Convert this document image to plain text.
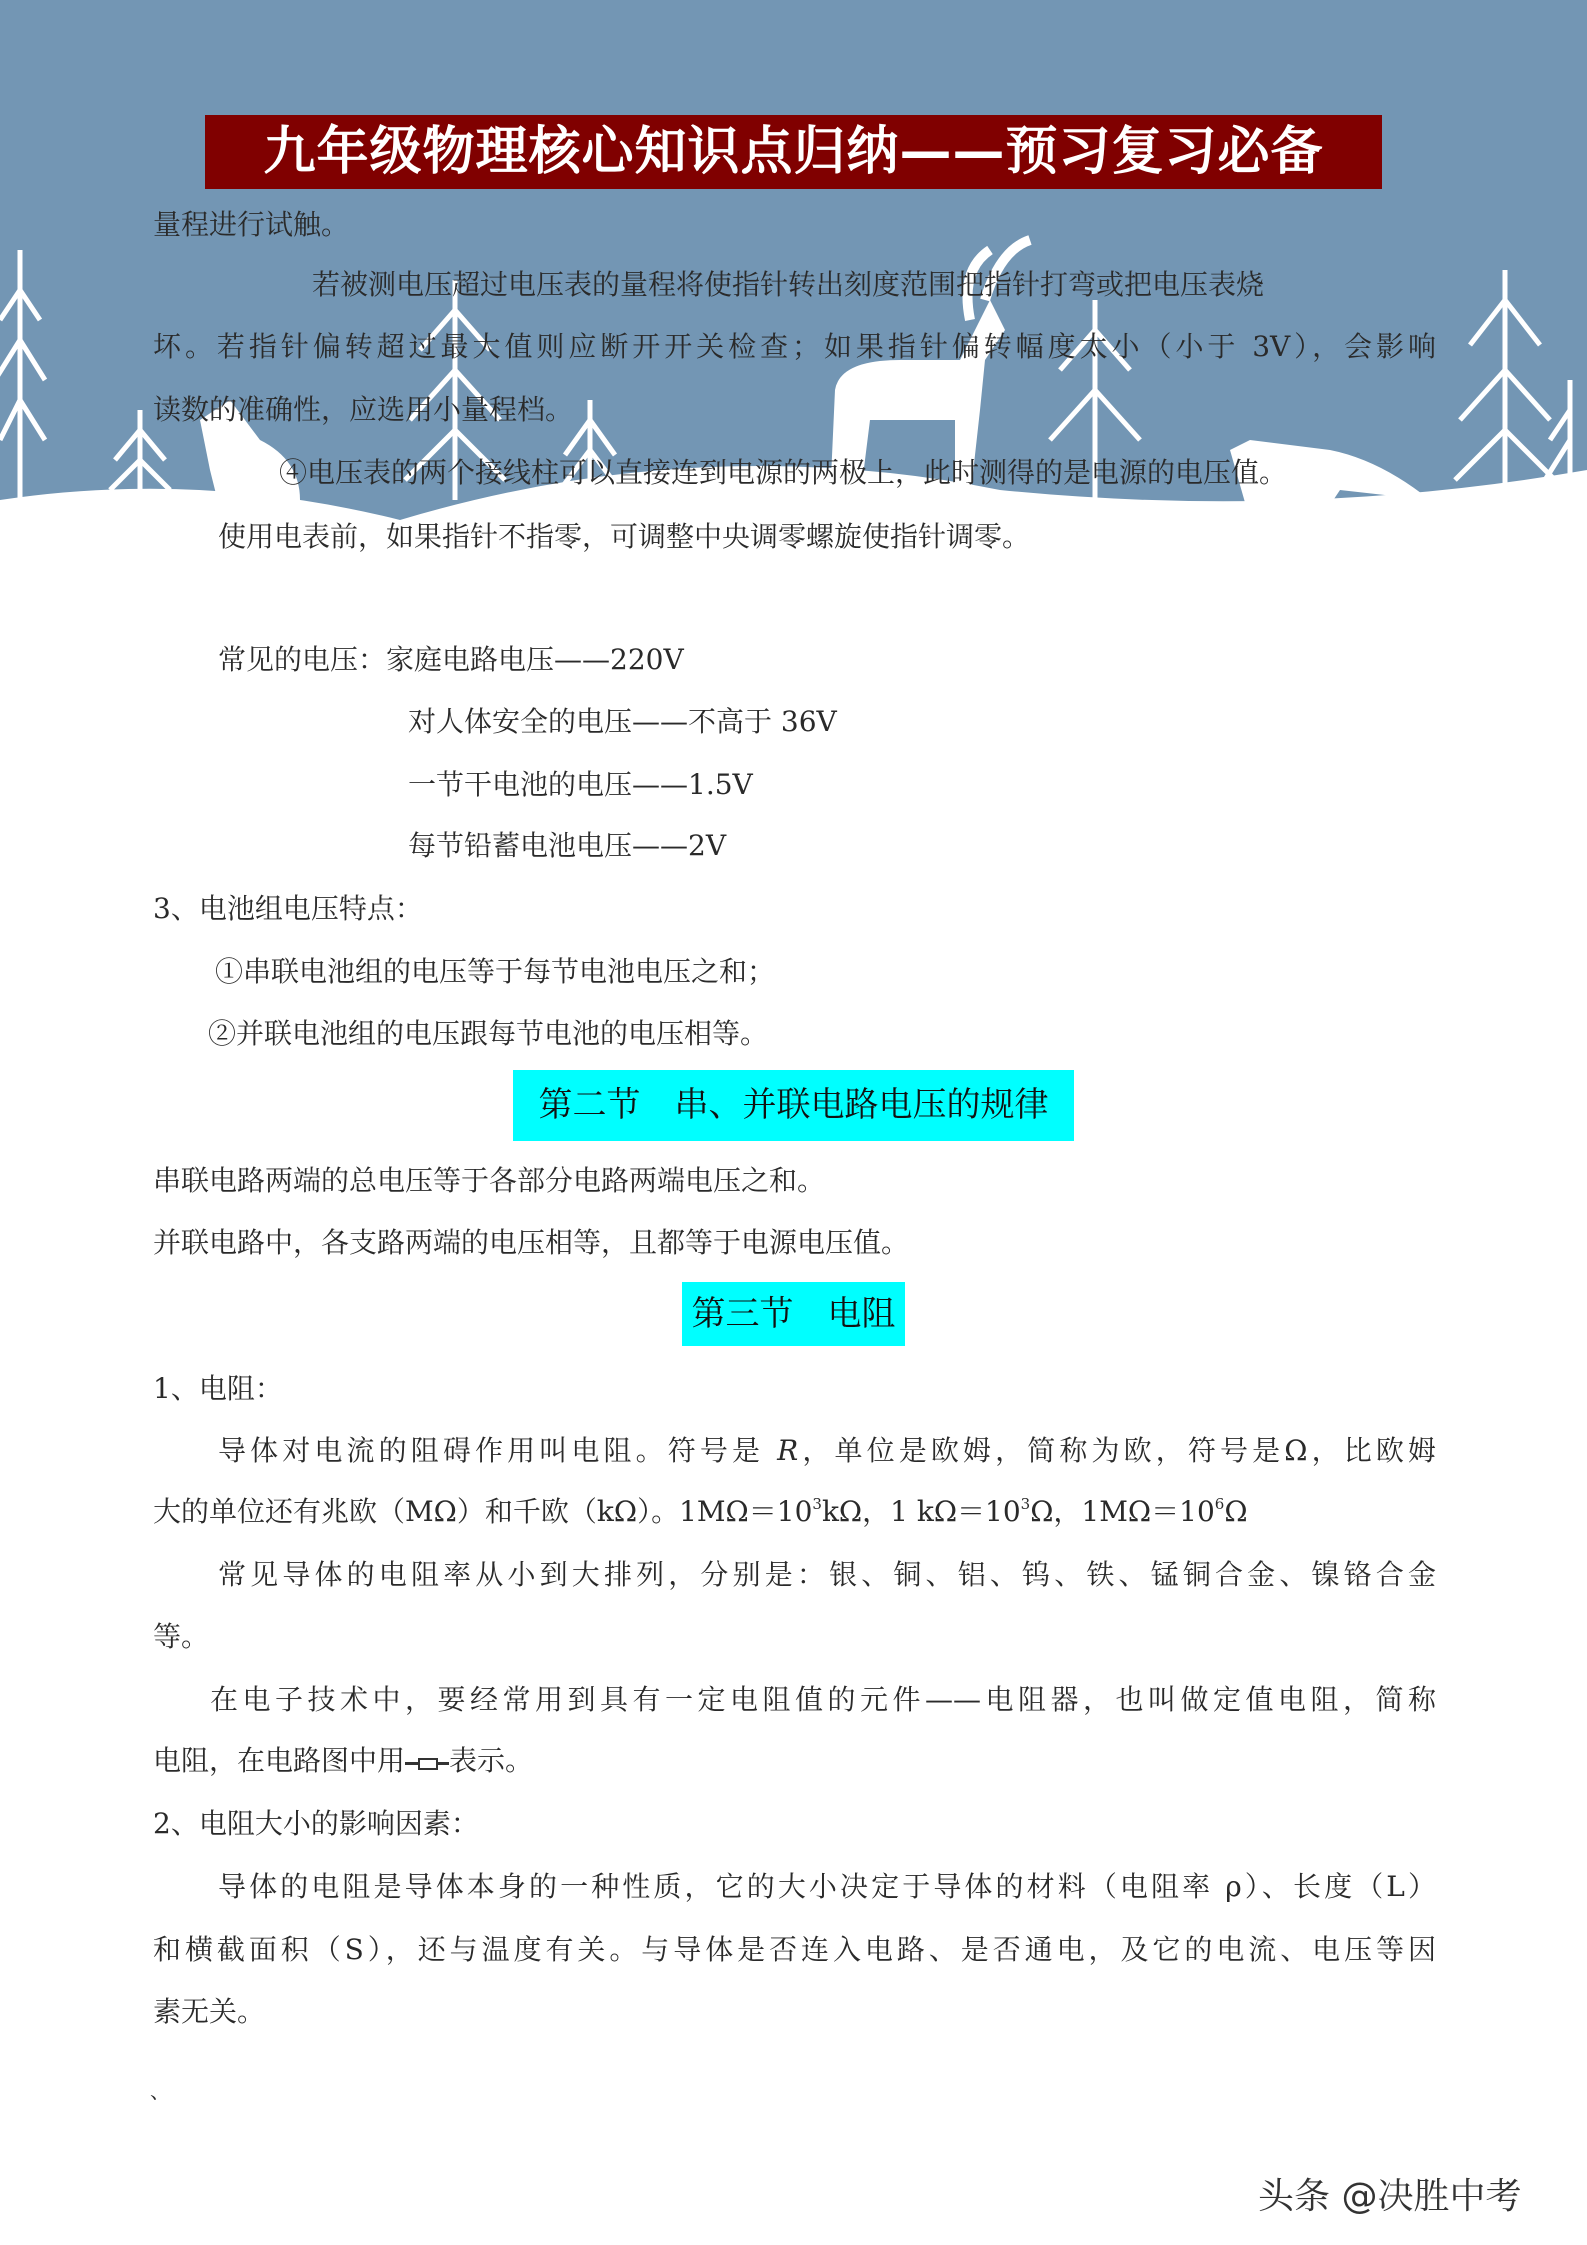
九年级物理核心知识点归纳——预习复习必备
量程进行试触。
若被测电压超过电压表的量程将使指针转出刻度范围把指针打弯或把电压表烧
坏。若指针偏转超过最大值则应断开开关检查；如果指针偏转幅度太小（小于 3V），会影响
读数的准确性，应选用小量程档。
④电压表的两个接线柱可以直接连到电源的两极上，此时测得的是电源的电压值。
使用电表前，如果指针不指零，可调整中央调零螺旋使指针调零。
常见的电压：家庭电路电压——220V
对人体安全的电压——不高于 36V
一节干电池的电压——1.5V
每节铅蓄电池电压——2V
3、电池组电压特点：
①串联电池组的电压等于每节电池电压之和；
②并联电池组的电压跟每节电池的电压相等。
第二节　串、并联电路电压的规律
串联电路两端的总电压等于各部分电路两端电压之和。
并联电路中，各支路两端的电压相等，且都等于电源电压值。
第三节　电阻
1、电阻：
导体对电流的阻碍作用叫电阻。符号是 R，单位是欧姆，简称为欧，符号是Ω，比欧姆
大的单位还有兆欧（MΩ）和千欧（kΩ）。$1M\Omega=10^3k\Omega$，1 $k\Omega=10^3\Omega$，$1M\Omega=10^6\Omega$
常见导体的电阻率从小到大排列，分别是：银、铜、铝、钨、铁、锰铜合金、镍铬合金
等。
在电子技术中，要经常用到具有一定电阻值的元件——电阻器，也叫做定值电阻，简称
电阻，在电路图中用 表示。
2、电阻大小的影响因素：
导体的电阻是导体本身的一种性质，它的大小决定于导体的材料（电阻率 ρ）、长度（L）
和横截面积（S），还与温度有关。与导体是否连入电路、是否通电，及它的电流、电压等因
素无关。
、
头条 @决胜中考
